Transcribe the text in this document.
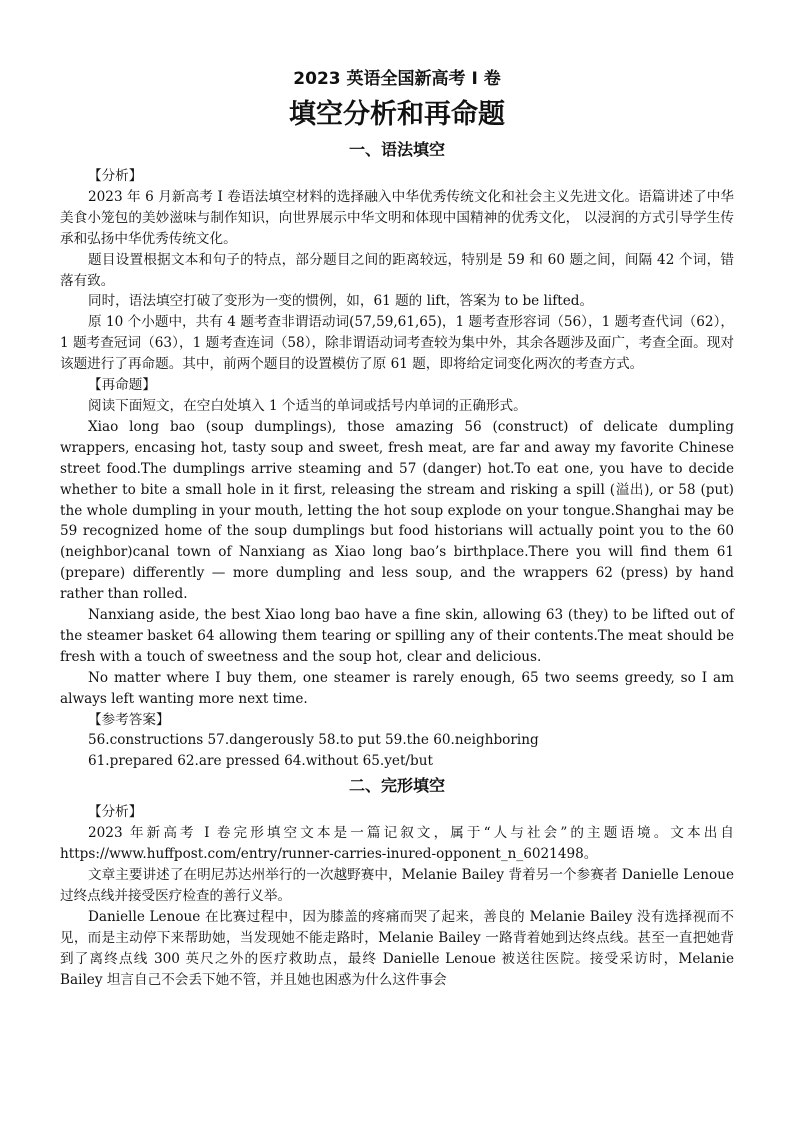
2023 英语全国新高考 I 卷
填空分析和再命题
一、语法填空
【分析】

2023 年 6 月新高考 I 卷语法填空材料的选择融入中华优秀传统文化和社会主义先进文化。语篇讲述了中华美食小笼包的美妙滋味与制作知识，向世界展示中华文明和体现中国精神的优秀文化， 以浸润的方式引导学生传承和弘扬中华优秀传统文化。

题目设置根据文本和句子的特点，部分题目之间的距离较远，特别是 59 和 60 题之间，间隔 42 个词，错落有致。

同时，语法填空打破了变形为一变的惯例，如，61 题的 lift，答案为 to be lifted。

原 10 个小题中，共有 4 题考查非谓语动词(57,59,61,65)，1 题考查形容词（56），1 题考查代词（62），1 题考查冠词（63），1 题考查连词（58），除非谓语动词考查较为集中外，其余各题涉及面广，考查全面。现对该题进行了再命题。其中，前两个题目的设置模仿了原 61 题，即将给定词变化两次的考查方式。

【再命题】

阅读下面短文，在空白处填入 1 个适当的单词或括号内单词的正确形式。

Xiao long bao (soup dumplings), those amazing 56 (construct) of delicate dumpling wrappers, encasing hot, tasty soup and sweet, fresh meat, are far and away my favorite Chinese street food.The dumplings arrive steaming and 57 (danger) hot.To eat one, you have to decide whether to bite a small hole in it first, releasing the stream and risking a spill (溢出), or 58 (put) the whole dumpling in your mouth, letting the hot soup explode on your tongue.Shanghai may be 59 recognized home of the soup dumplings but food historians will actually point you to the 60 (neighbor)canal town of Nanxiang as Xiao long bao’s birthplace.There you will find them 61 (prepare) differently — more dumpling and less soup, and the wrappers 62 (press) by hand rather than rolled.

Nanxiang aside, the best Xiao long bao have a fine skin, allowing 63 (they) to be lifted out of the steamer basket 64 allowing them tearing or spilling any of their contents.The meat should be fresh with a touch of sweetness and the soup hot, clear and delicious.

No matter where I buy them, one steamer is rarely enough, 65 two seems greedy, so I am always left wanting more next time.

【参考答案】
56.constructions 57.dangerously 58.to put 59.the 60.neighboring
61.prepared 62.are pressed 64.without 65.yet/but
二、完形填空
【分析】

2023 年新高考 I 卷完形填空文本是一篇记叙文，属于“人与社会”的主题语境。文本出自 https://www.huffpost.com/entry/runner-carries-inured-opponent_n_6021498。

文章主要讲述了在明尼苏达州举行的一次越野赛中，Melanie Bailey 背着另一个参赛者 Danielle Lenoue 过终点线并接受医疗检查的善行义举。

Danielle Lenoue 在比赛过程中，因为膝盖的疼痛而哭了起来，善良的 Melanie Bailey 没有选择视而不见，而是主动停下来帮助她，当发现她不能走路时，Melanie Bailey 一路背着她到达终点线。甚至一直把她背到了离终点线 300 英尺之外的医疗救助点，最终 Danielle Lenoue 被送往医院。接受采访时，Melanie Bailey 坦言自己不会丢下她不管，并且她也困惑为什么这件事会
